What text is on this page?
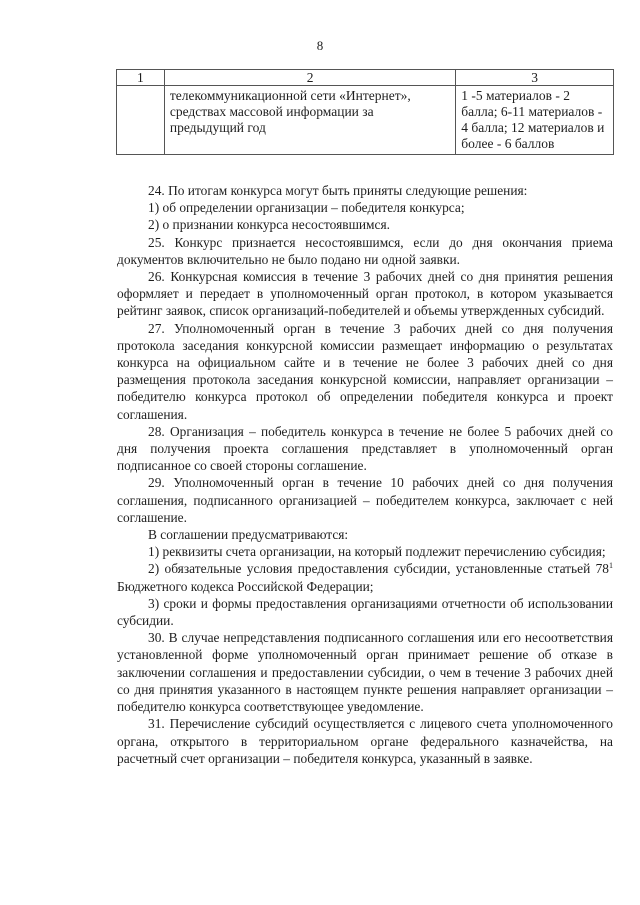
8
1	2	3

	телекоммуникационной сети «Интернет», средствах массовой информации за предыдущий год	1 -5 материалов - 2 балла; 6-11 материалов - 4 балла; 12 материалов и более - 6 баллов

24. По итогам конкурса могут быть приняты следующие решения:

1) об определении организации – победителя конкурса;

2) о признании конкурса несостоявшимся.

25. Конкурс признается несостоявшимся, если до дня окончания приема документов включительно не было подано ни одной заявки.

26. Конкурсная комиссия в течение 3 рабочих дней со дня принятия решения оформляет и передает в уполномоченный орган протокол, в котором указывается рейтинг заявок, список организаций-победителей и объемы утвержденных субсидий.

27. Уполномоченный орган в течение 3 рабочих дней со дня получения протокола заседания конкурсной комиссии размещает информацию о результатах конкурса на официальном сайте и в течение не более 3 рабочих дней со дня размещения протокола заседания конкурсной комиссии, направляет организации – победителю конкурса протокол об определении победителя конкурса и проект соглашения.

28. Организация – победитель конкурса в течение не более 5 рабочих дней со дня получения проекта соглашения представляет в уполномоченный орган подписанное со своей стороны соглашение.

29. Уполномоченный орган в течение 10 рабочих дней со дня получения соглашения, подписанного организацией – победителем конкурса, заключает с ней соглашение.

В соглашении предусматриваются:

1) реквизиты счета организации, на который подлежит перечислению субсидия;

2) обязательные условия предоставления субсидии, установленные статьей $78^1$ Бюджетного кодекса Российской Федерации;

3) сроки и формы предоставления организациями отчетности об использовании субсидии.

30. В случае непредставления подписанного соглашения или его несоответствия установленной форме уполномоченный орган принимает решение об отказе в заключении соглашения и предоставлении субсидии, о чем в течение 3 рабочих дней со дня принятия указанного в настоящем пункте решения направляет организации – победителю конкурса соответствующее уведомление.

31. Перечисление субсидий осуществляется с лицевого счета уполномоченного органа, открытого в территориальном органе федерального казначейства, на расчетный счет организации – победителя конкурса, указанный в заявке.
